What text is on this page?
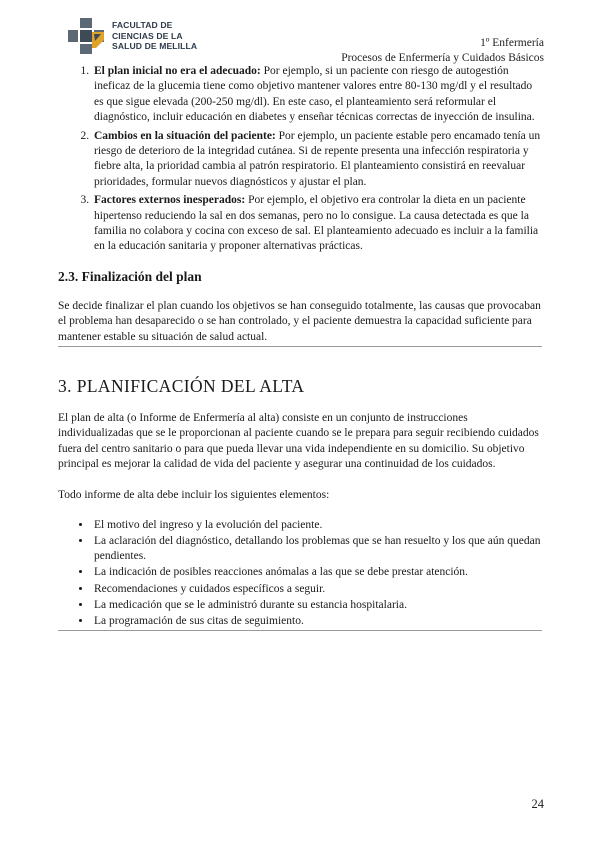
FACULTAD DE
CIENCIAS DE LA
SALUD DE MELILLA	1º Enfermería
Procesos de Enfermería y Cuidados Básicos
1. El plan inicial no era el adecuado: Por ejemplo, si un paciente con riesgo de autogestión ineficaz de la glucemia tiene como objetivo mantener valores entre 80-130 mg/dl y el resultado es que sigue elevada (200-250 mg/dl). En este caso, el planteamiento será reformular el diagnóstico, incluir educación en diabetes y enseñar técnicas correctas de inyección de insulina.
2. Cambios en la situación del paciente: Por ejemplo, un paciente estable pero encamado tenía un riesgo de deterioro de la integridad cutánea. Si de repente presenta una infección respiratoria y fiebre alta, la prioridad cambia al patrón respiratorio. El planteamiento consistirá en reevaluar prioridades, formular nuevos diagnósticos y ajustar el plan.
3. Factores externos inesperados: Por ejemplo, el objetivo era controlar la dieta en un paciente hipertenso reduciendo la sal en dos semanas, pero no lo consigue. La causa detectada es que la familia no colabora y cocina con exceso de sal. El planteamiento adecuado es incluir a la familia en la educación sanitaria y proponer alternativas prácticas.
2.3. Finalización del plan

Se decide finalizar el plan cuando los objetivos se han conseguido totalmente, las causas que provocaban el problema han desaparecido o se han controlado, y el paciente demuestra la capacidad suficiente para mantener estable su situación de salud actual.

3. PLANIFICACIÓN DEL ALTA

El plan de alta (o Informe de Enfermería al alta) consiste en un conjunto de instrucciones individualizadas que se le proporcionan al paciente cuando se le prepara para seguir recibiendo cuidados fuera del centro sanitario o para que pueda llevar una vida independiente en su domicilio. Su objetivo principal es mejorar la calidad de vida del paciente y asegurar una continuidad de los cuidados.

Todo informe de alta debe incluir los siguientes elementos:

• El motivo del ingreso y la evolución del paciente.
• La aclaración del diagnóstico, detallando los problemas que se han resuelto y los que aún quedan pendientes.
• La indicación de posibles reacciones anómalas a las que se debe prestar atención.
• Recomendaciones y cuidados específicos a seguir.
• La medicación que se le administró durante su estancia hospitalaria.
• La programación de sus citas de seguimiento.
24
